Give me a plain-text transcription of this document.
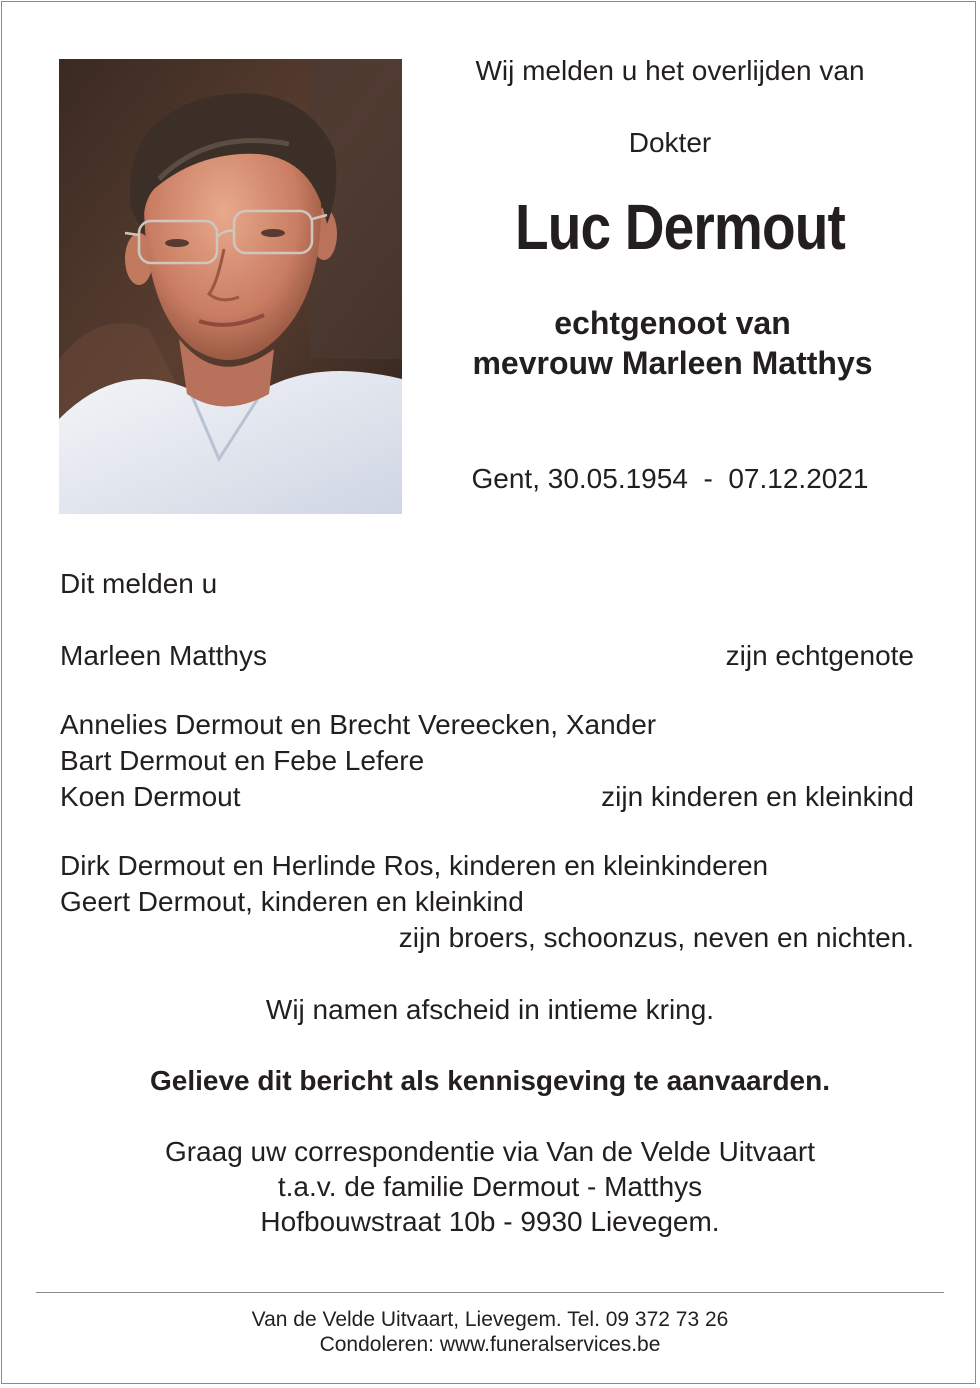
Wij melden u het overlijden van
Dokter
Luc Dermout
echtgenoot van
mevrouw Marleen Matthys
Gent, 30.05.1954  -  07.12.2021
Dit melden u
Marleen Matthys	zijn echtgenote
Annelies Dermout en Brecht Vereecken, Xander
Bart Dermout en Febe Lefere
Koen Dermout	zijn kinderen en kleinkind
Dirk Dermout en Herlinde Ros, kinderen en kleinkinderen
Geert Dermout, kinderen en kleinkind
zijn broers, schoonzus, neven en nichten.
Wij namen afscheid in intieme kring.
Gelieve dit bericht als kennisgeving te aanvaarden.
Graag uw correspondentie via Van de Velde Uitvaart
t.a.v. de familie Dermout - Matthys
Hofbouwstraat 10b - 9930 Lievegem.
Van de Velde Uitvaart, Lievegem. Tel. 09 372 73 26
Condoleren: www.funeralservices.be
